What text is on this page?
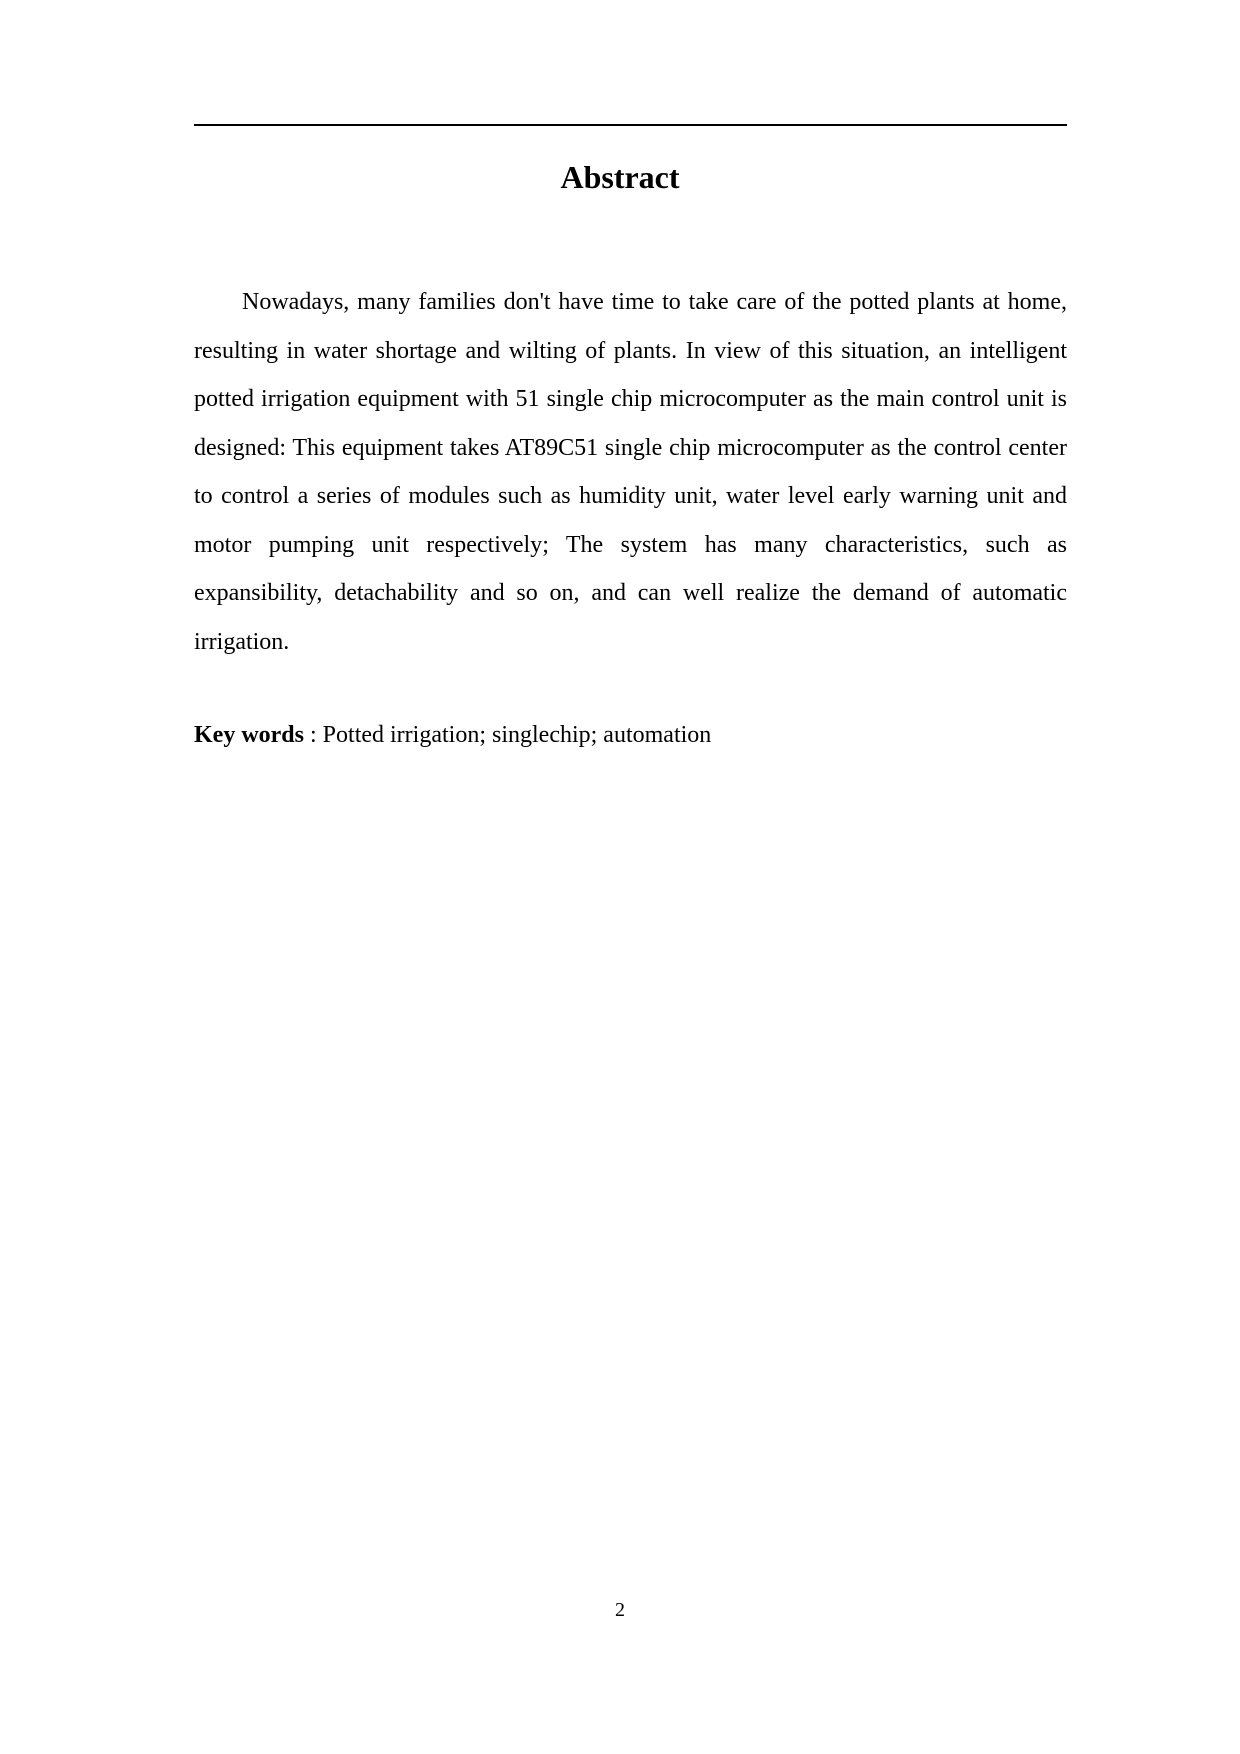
Abstract

Nowadays, many families don't have time to take care of the potted plants at home, resulting in water shortage and wilting of plants. In view of this situation, an intelligent potted irrigation equipment with 51 single chip microcomputer as the main control unit is designed: This equipment takes AT89C51 single chip microcomputer as the control center to control a series of modules such as humidity unit, water level early warning unit and motor pumping unit respectively; The system has many characteristics, such as expansibility, detachability and so on, and can well realize the demand of automatic irrigation.

Key words : Potted irrigation; singlechip; automation

2
